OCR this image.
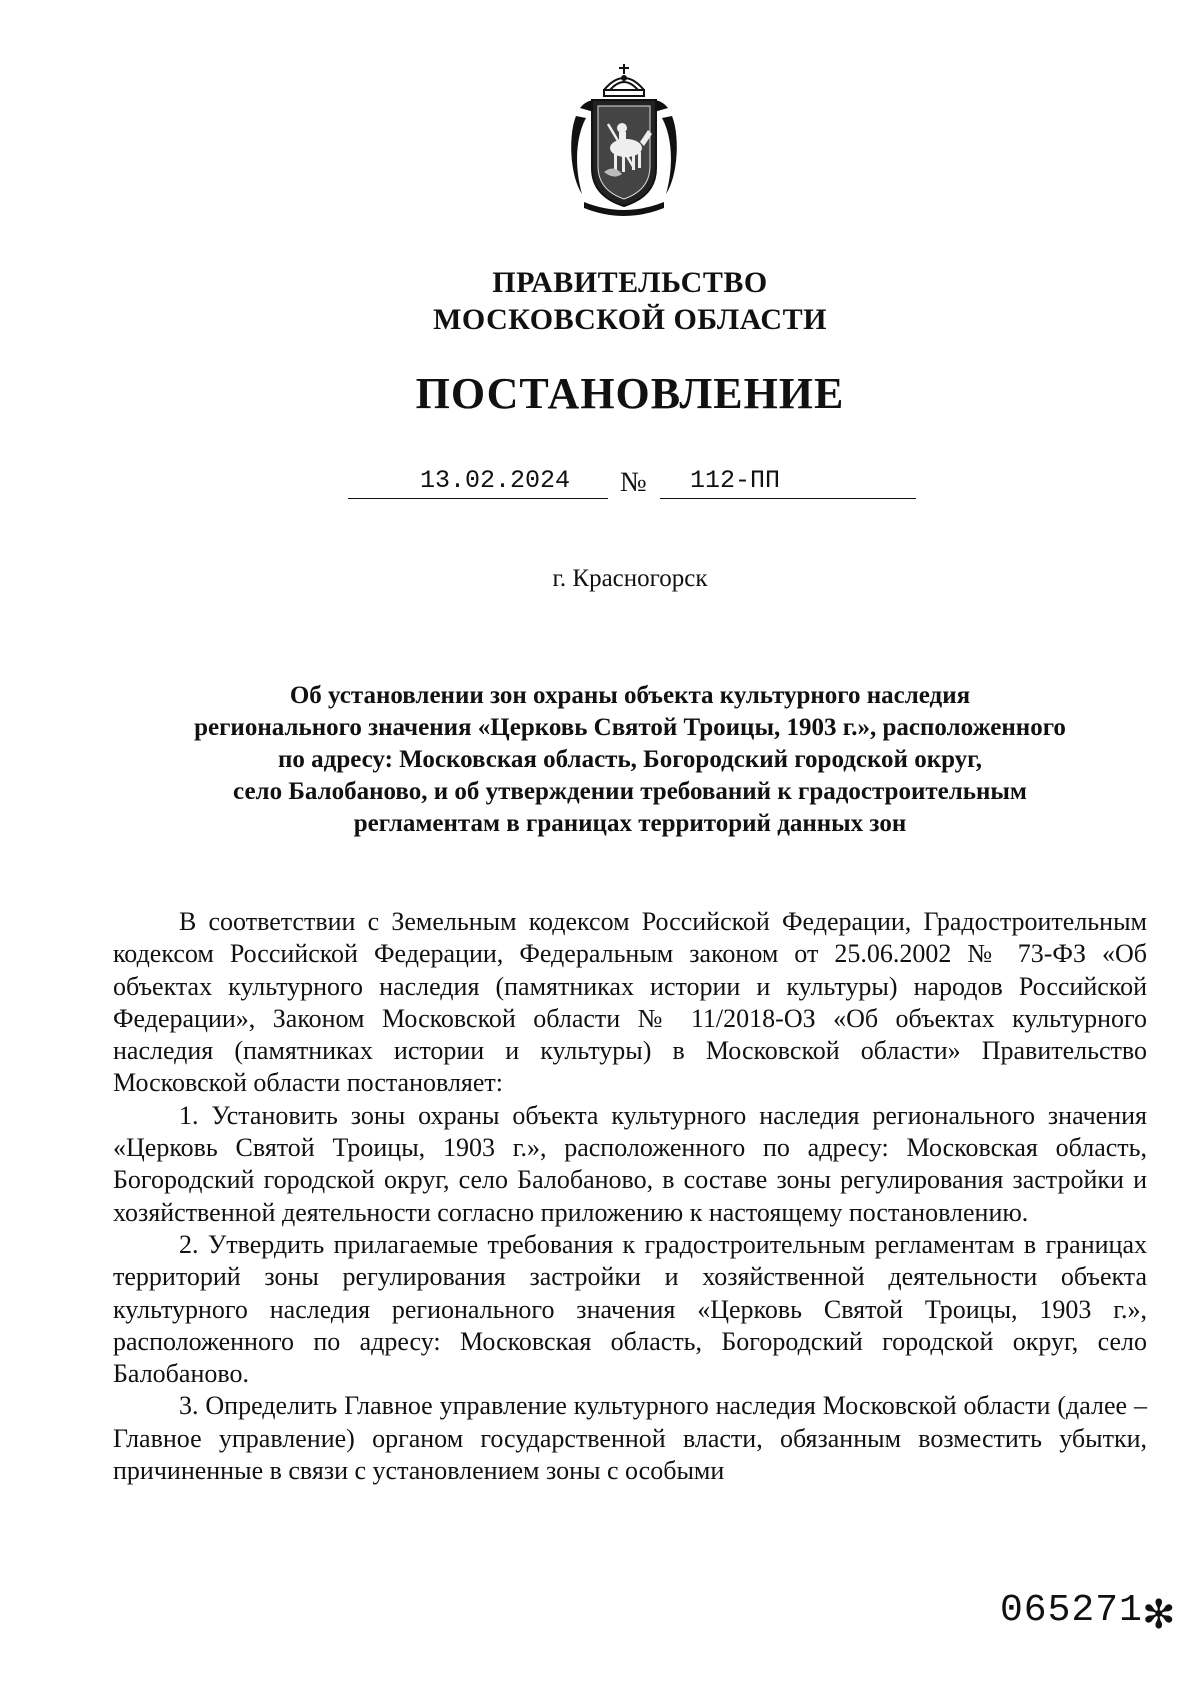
ПРАВИТЕЛЬСТВО
МОСКОВСКОЙ ОБЛАСТИ
ПОСТАНОВЛЕНИЕ
13.02.2024 № 112-ПП
г. Красногорск
Об установлении зон охраны объекта культурного наследия
регионального значения «Церковь Святой Троицы, 1903 г.», расположенного
по адресу: Московская область, Богородский городской округ,
село Балобаново, и об утверждении требований к градостроительным
регламентам в границах территорий данных зон

В соответствии с Земельным кодексом Российской Федерации, Градостроительным кодексом Российской Федерации, Федеральным законом от 25.06.2002 № 73-ФЗ «Об объектах культурного наследия (памятниках истории и культуры) народов Российской Федерации», Законом Московской области № 11/2018-ОЗ «Об объектах культурного наследия (памятниках истории и культуры) в Московской области» Правительство Московской области постановляет:

1. Установить зоны охраны объекта культурного наследия регионального значения «Церковь Святой Троицы, 1903 г.», расположенного по адресу: Московская область, Богородский городской округ, село Балобаново, в составе зоны регулирования застройки и хозяйственной деятельности согласно приложению к настоящему постановлению.

2. Утвердить прилагаемые требования к градостроительным регламентам в границах территорий зоны регулирования застройки и хозяйственной деятельности объекта культурного наследия регионального значения «Церковь Святой Троицы, 1903 г.», расположенного по адресу: Московская область, Богородский городской округ, село Балобаново.

3. Определить Главное управление культурного наследия Московской области (далее – Главное управление) органом государственной власти, обязанным возместить убытки, причиненные в связи с установлением зоны с особыми

065271 ✻
